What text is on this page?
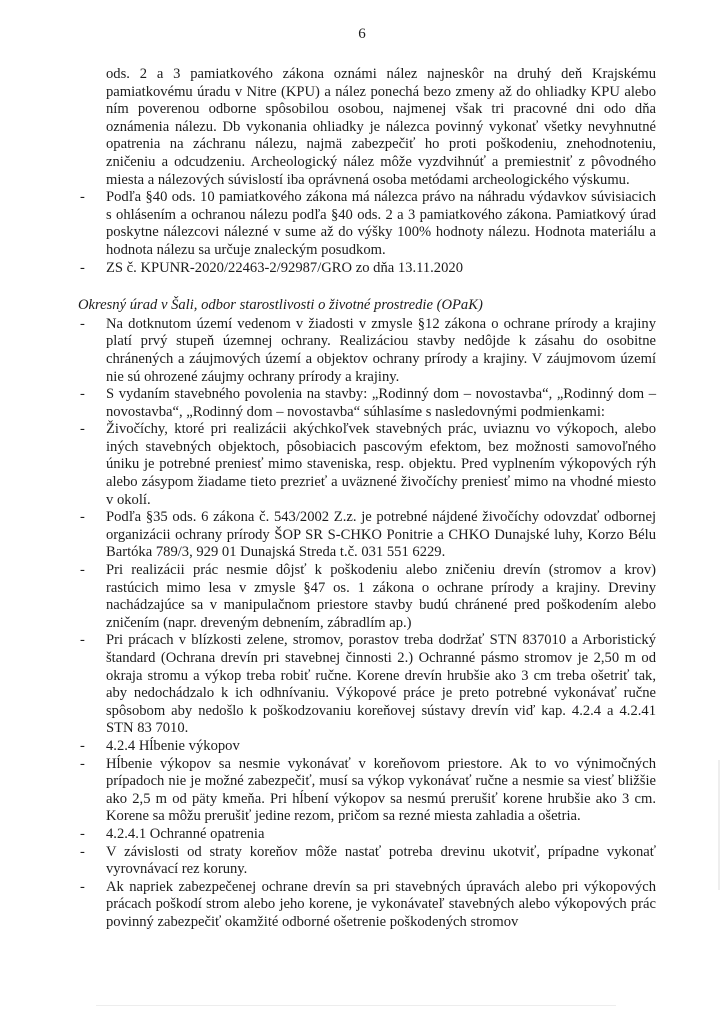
6

ods. 2 a 3 pamiatkového zákona oznámi nález najneskôr na druhý deň Krajskému pamiatkovému úradu v Nitre (KPU) a nález ponechá bezo zmeny až do ohliadky KPU alebo ním poverenou odborne spôsobilou osobou, najmenej však tri pracovné dni odo dňa oznámenia nálezu. Db vykonania ohliadky je nálezca povinný vykonať všetky nevyhnutné opatrenia na záchranu nálezu, najmä zabezpečiť ho proti poškodeniu, znehodnoteniu, zničeniu a odcudzeniu. Archeologický nález môže vyzdvihnúť a premiestniť z pôvodného miesta a nálezových súvislostí iba oprávnená osoba metódami archeologického výskumu.

-	Podľa §40 ods. 10 pamiatkového zákona má nálezca právo na náhradu výdavkov súvisiacich s ohlásením a ochranou nálezu podľa §40 ods. 2 a 3 pamiatkového zákona. Pamiatkový úrad poskytne nálezcovi nálezné v sume až do výšky 100% hodnoty nálezu. Hodnota materiálu a hodnota nálezu sa určuje znaleckým posudkom.

-	ZS č. KPUNR-2020/22463-2/92987/GRO zo dňa 13.11.2020

Okresný úrad v Šali, odbor starostlivosti o životné prostredie (OPaK)

-	Na dotknutom území vedenom v žiadosti v zmysle §12 zákona o ochrane prírody a krajiny platí prvý stupeň územnej ochrany. Realizáciou stavby nedôjde k zásahu do osobitne chránených a záujmových území a objektov ochrany prírody a krajiny. V záujmovom území nie sú ohrozené záujmy ochrany prírody a krajiny.

-	S vydaním stavebného povolenia na stavby: „Rodinný dom – novostavba“, „Rodinný dom – novostavba“, „Rodinný dom – novostavba“ súhlasíme s nasledovnými podmienkami:

-	Živočíchy, ktoré pri realizácii akýchkoľvek stavebných prác, uviaznu vo výkopoch, alebo iných stavebných objektoch, pôsobiacich pascovým efektom, bez možnosti samovoľného úniku je potrebné preniesť mimo staveniska, resp. objektu. Pred vyplnením výkopových rýh alebo zásypom žiadame tieto prezrieť a uväznené živočíchy preniesť mimo na vhodné miesto v okolí.

-	Podľa §35 ods. 6 zákona č. 543/2002 Z.z. je potrebné nájdené živočíchy odovzdať odbornej organizácii ochrany prírody ŠOP SR S-CHKO Ponitrie a CHKO Dunajské luhy, Korzo Bélu Bartóka 789/3, 929 01 Dunajská Streda t.č. 031 551 6229.

-	Pri realizácii prác nesmie dôjsť k poškodeniu alebo zničeniu drevín (stromov a krov) rastúcich mimo lesa v zmysle §47 os. 1 zákona o ochrane prírody a krajiny. Dreviny nachádzajúce sa v manipulačnom priestore stavby budú chránené pred poškodením alebo zničením (napr. dreveným debnením, zábradlím ap.)

-	Pri prácach v blízkosti zelene, stromov, porastov treba dodržať STN 837010 a Arboristický štandard (Ochrana drevín pri stavebnej činnosti 2.) Ochranné pásmo stromov je 2,50 m od okraja stromu a výkop treba robiť ručne. Korene drevín hrubšie ako 3 cm treba ošetriť tak, aby nedochádzalo k ich odhnívaniu. Výkopové práce je preto potrebné vykonávať ručne spôsobom aby nedošlo k poškodzovaniu koreňovej sústavy drevín viď kap. 4.2.4 a 4.2.41 STN 83 7010.

-	4.2.4 Hĺbenie výkopov

-	Hĺbenie výkopov sa nesmie vykonávať v koreňovom priestore. Ak to vo výnimočných prípadoch nie je možné zabezpečiť, musí sa výkop vykonávať ručne a nesmie sa viesť bližšie ako 2,5 m od päty kmeňa. Pri hĺbení výkopov sa nesmú prerušiť korene hrubšie ako 3 cm. Korene sa môžu prerušiť jedine rezom, pričom sa rezné miesta zahladia a ošetria.

-	4.2.4.1 Ochranné opatrenia

-	V závislosti od straty koreňov môže nastať potreba drevinu ukotviť, prípadne vykonať vyrovnávací rez koruny.

-	Ak napriek zabezpečenej ochrane drevín sa pri stavebných úpravách alebo pri výkopových prácach poškodí strom alebo jeho korene, je vykonávateľ stavebných alebo výkopových prác povinný zabezpečiť okamžité odborné ošetrenie poškodených stromov
